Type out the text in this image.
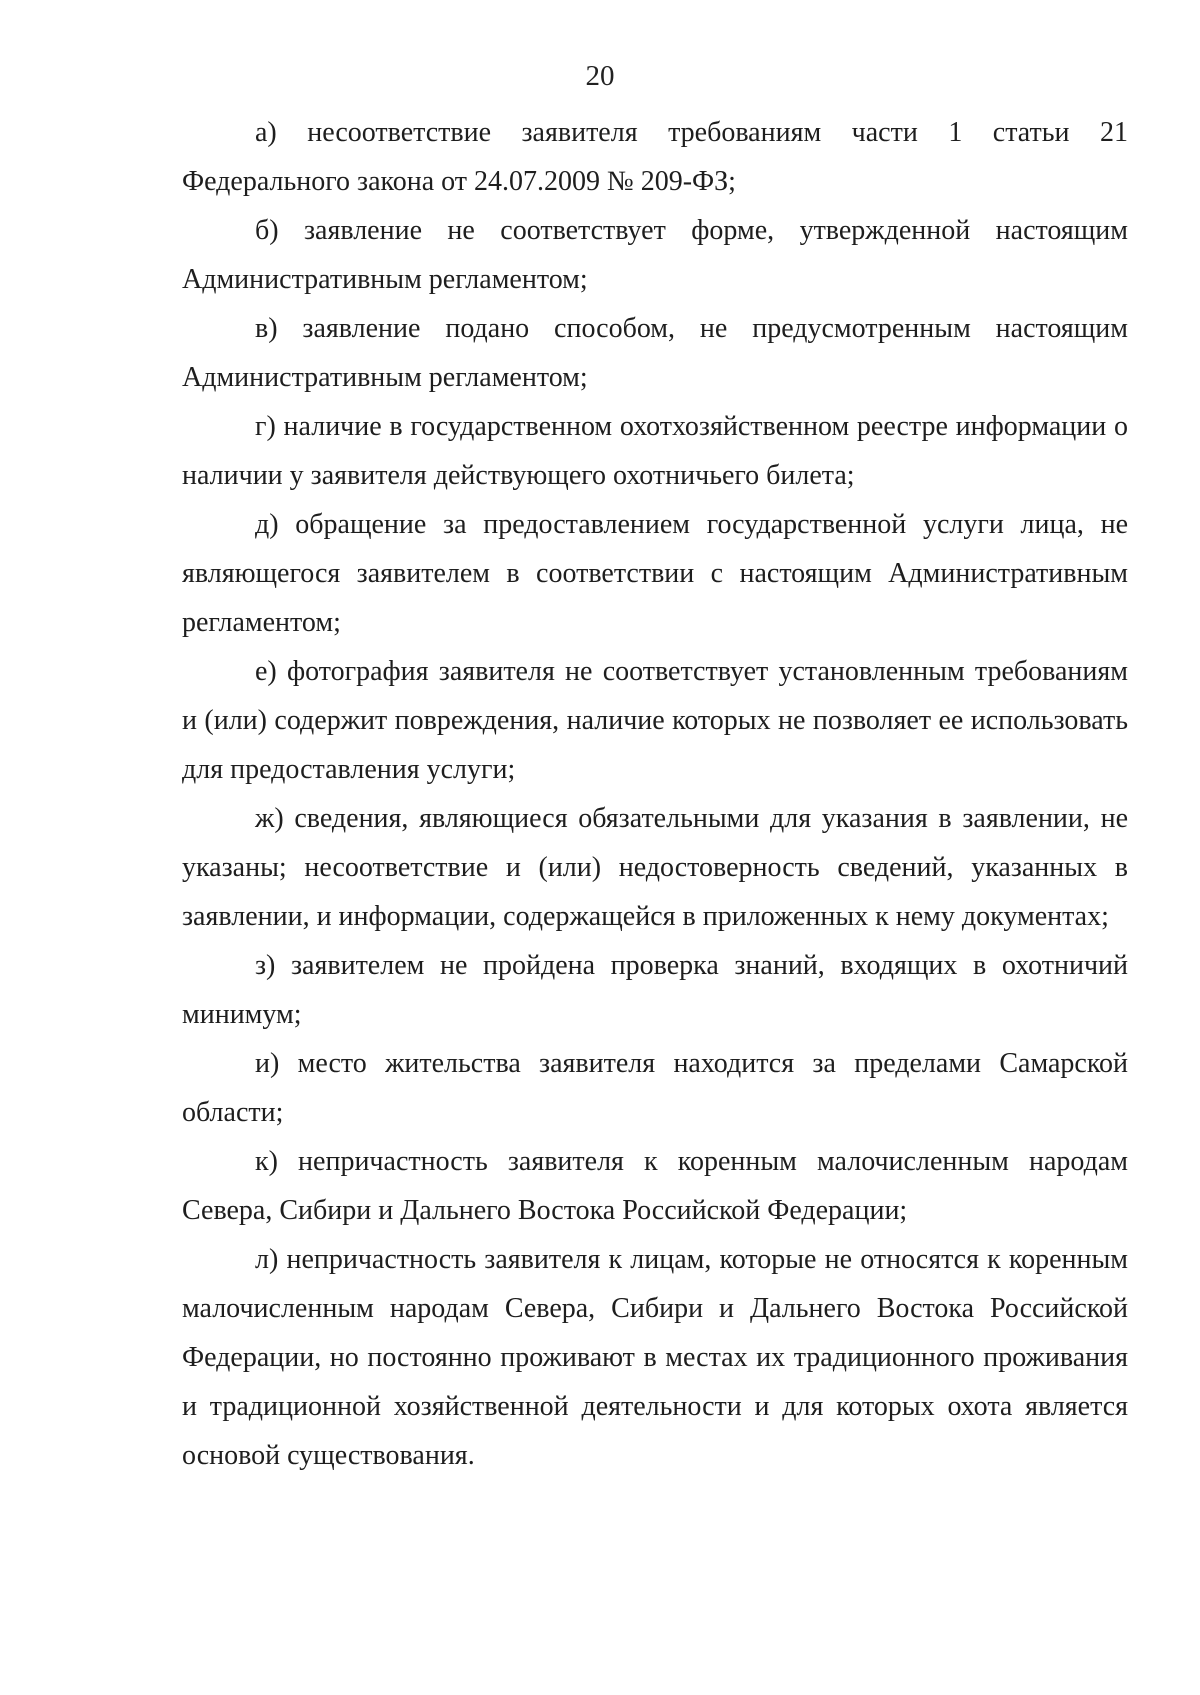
20

а) несоответствие заявителя требованиям части 1 статьи 21 Федерального закона от 24.07.2009 № 209-ФЗ;

б) заявление не соответствует форме, утвержденной настоящим Административным регламентом;

в) заявление подано способом, не предусмотренным настоящим Административным регламентом;

г) наличие в государственном охотхозяйственном реестре информации о наличии у заявителя действующего охотничьего билета;

д) обращение за предоставлением государственной услуги лица, не являющегося заявителем в соответствии с настоящим Административным регламентом;

е) фотография заявителя не соответствует установленным требованиям и (или) содержит повреждения, наличие которых не позволяет ее использовать для предоставления услуги;

ж) сведения, являющиеся обязательными для указания в заявлении, не указаны; несоответствие и (или) недостоверность сведений, указанных в заявлении, и информации, содержащейся в приложенных к нему документах;

з) заявителем не пройдена проверка знаний, входящих в охотничий минимум;

и) место жительства заявителя находится за пределами Самарской области;

к) непричастность заявителя к коренным малочисленным народам Севера, Сибири и Дальнего Востока Российской Федерации;

л) непричастность заявителя к лицам, которые не относятся к коренным малочисленным народам Севера, Сибири и Дальнего Востока Российской Федерации, но постоянно проживают в местах их традиционного проживания и традиционной хозяйственной деятельности и для которых охота является основой существования.
